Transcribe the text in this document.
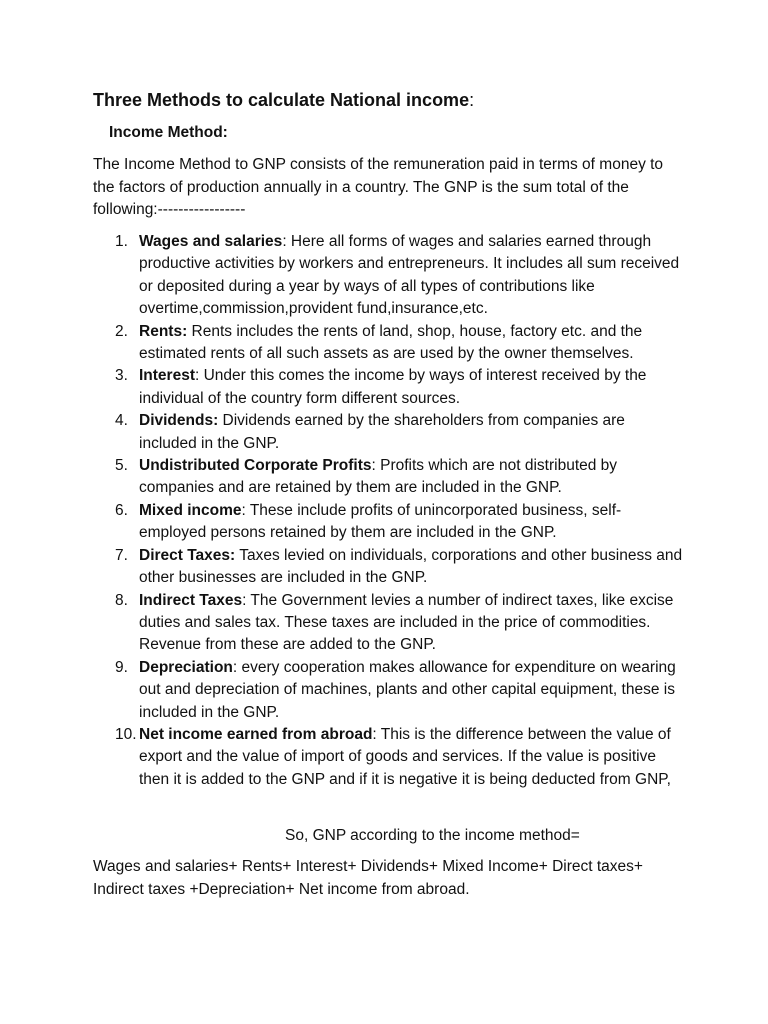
Three Methods to calculate National income:
Income Method:

The Income Method to GNP consists of the remuneration paid in terms of money to the factors of production annually in a country. The GNP is the sum total of the following:-----------------

1. Wages and salaries: Here all forms of wages and salaries earned through productive activities by workers and entrepreneurs. It includes all sum received or deposited during a year by ways of all types of contributions like overtime,commission,provident fund,insurance,etc.
2. Rents: Rents includes the rents of land, shop, house, factory etc. and the estimated rents of all such assets as are used by the owner themselves.
3. Interest: Under this comes the income by ways of interest received by the individual of the country form different sources.
4. Dividends: Dividends earned by the shareholders from companies are included in the GNP.
5. Undistributed Corporate Profits: Profits which are not distributed by companies and are retained by them are included in the GNP.
6. Mixed income: These include profits of unincorporated business, self-employed persons retained by them are included in the GNP.
7. Direct Taxes: Taxes levied on individuals, corporations and other business and other businesses are included in the GNP.
8. Indirect Taxes: The Government levies a number of indirect taxes, like excise duties and sales tax. These taxes are included in the price of commodities. Revenue from these are added to the GNP.
9. Depreciation: every cooperation makes allowance for expenditure on wearing out and depreciation of machines, plants and other capital equipment, these is included in the GNP.
10. Net income earned from abroad: This is the difference between the value of export and the value of import of goods and services. If the value is positive then it is added to the GNP and if it is negative it is being deducted from GNP,
So, GNP according to the income method=

Wages and salaries+ Rents+ Interest+ Dividends+ Mixed Income+ Direct taxes+ Indirect taxes +Depreciation+ Net income from abroad.
